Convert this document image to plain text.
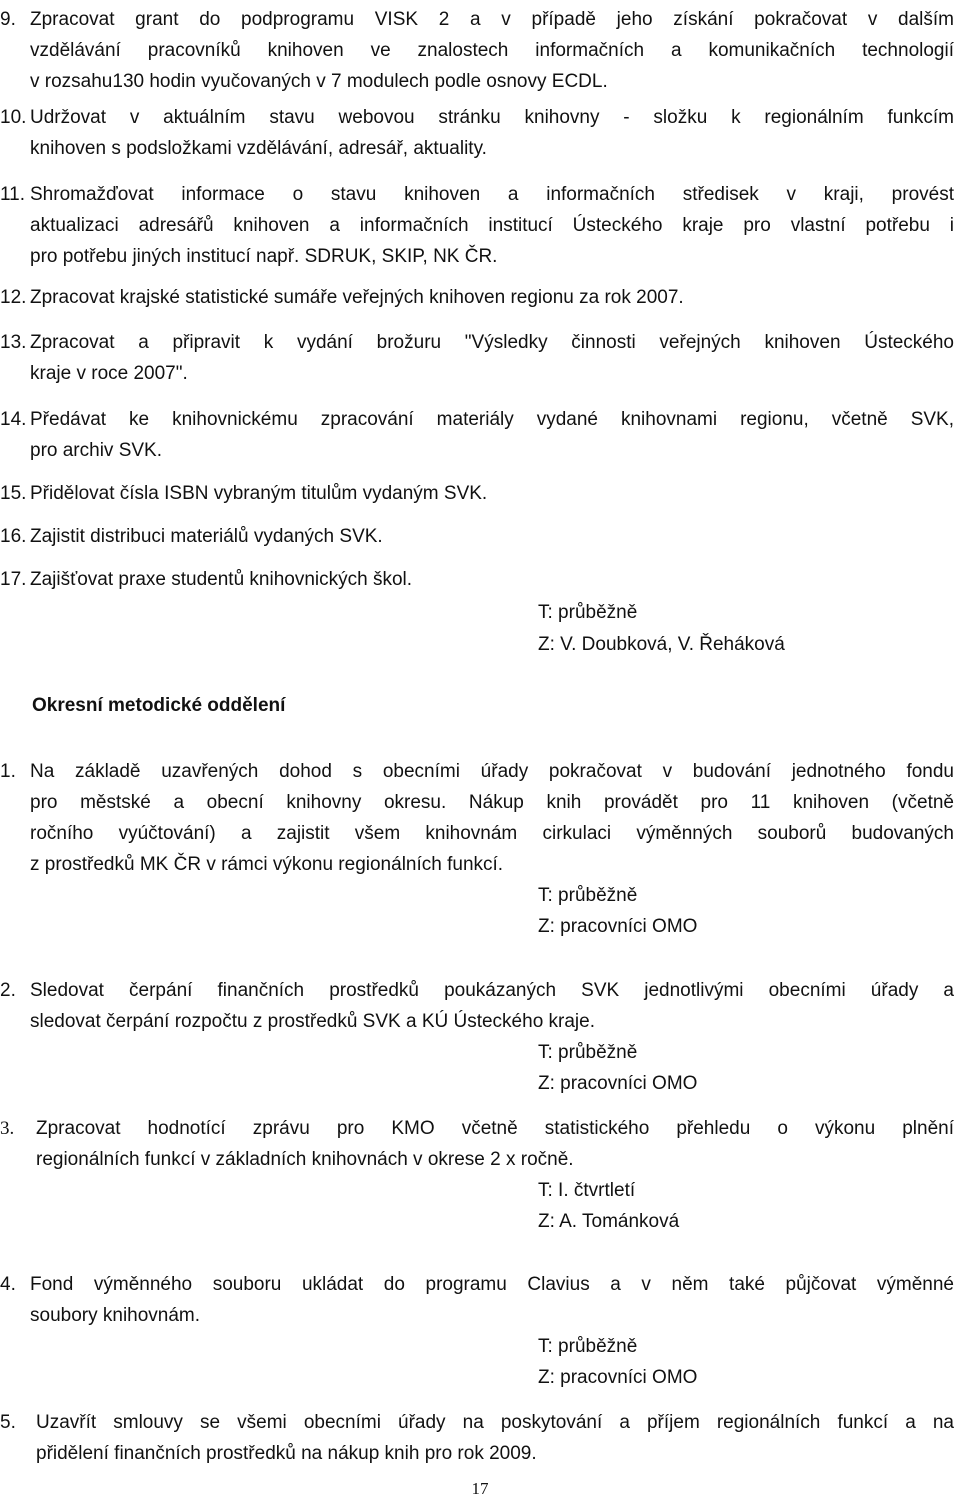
9. Zpracovat grant do podprogramu VISK 2 a v případě jeho získání pokračovat v dalším
vzdělávání pracovníků knihoven ve znalostech informačních a komunikačních technologií
v rozsahu130 hodin vyučovaných v 7 modulech podle osnovy ECDL.
10. Udržovat v aktuálním stavu webovou stránku knihovny - složku k regionálním funkcím
knihoven s podsložkami vzdělávání, adresář, aktuality.
11. Shromažďovat informace o stavu knihoven a informačních středisek v kraji, provést
aktualizaci adresářů knihoven a informačních institucí Ústeckého kraje pro vlastní potřebu i
pro potřebu jiných institucí např. SDRUK, SKIP, NK ČR.
12. Zpracovat krajské statistické sumáře veřejných knihoven regionu za rok 2007.
13. Zpracovat a připravit k vydání brožuru "Výsledky činnosti veřejných knihoven Ústeckého
kraje v roce 2007".
14. Předávat ke knihovnickému zpracování materiály vydané knihovnami regionu, včetně SVK,
pro archiv SVK.
15. Přidělovat čísla ISBN vybraným titulům vydaným SVK.
16. Zajistit distribuci materiálů vydaných SVK.
17. Zajišťovat praxe studentů knihovnických škol.
T: průběžně
Z: V. Doubková, V. Řeháková
Okresní metodické oddělení
1. Na základě uzavřených dohod s obecními úřady pokračovat v budování jednotného fondu
pro městské a obecní knihovny okresu. Nákup knih provádět pro 11 knihoven (včetně
ročního vyúčtování) a zajistit všem knihovnám cirkulaci výměnných souborů budovaných
z prostředků MK ČR v rámci výkonu regionálních funkcí.
T: průběžně
Z: pracovníci OMO
2. Sledovat čerpání finančních prostředků poukázaných SVK jednotlivými obecními úřady a
sledovat čerpání rozpočtu z prostředků SVK a KÚ Ústeckého kraje.
T: průběžně
Z: pracovníci OMO
3. Zpracovat hodnotící zprávu pro KMO včetně statistického přehledu o výkonu plnění
regionálních funkcí v základních knihovnách v okrese 2 x ročně.
T: I. čtvrtletí
Z: A. Tománková
4. Fond výměnného souboru ukládat do programu Clavius a v něm také půjčovat výměnné
soubory knihovnám.
T: průběžně
Z: pracovníci OMO
5. Uzavřít smlouvy se všemi obecními úřady na poskytování a příjem regionálních funkcí a na
přidělení finančních prostředků na nákup knih pro rok 2009.
17
